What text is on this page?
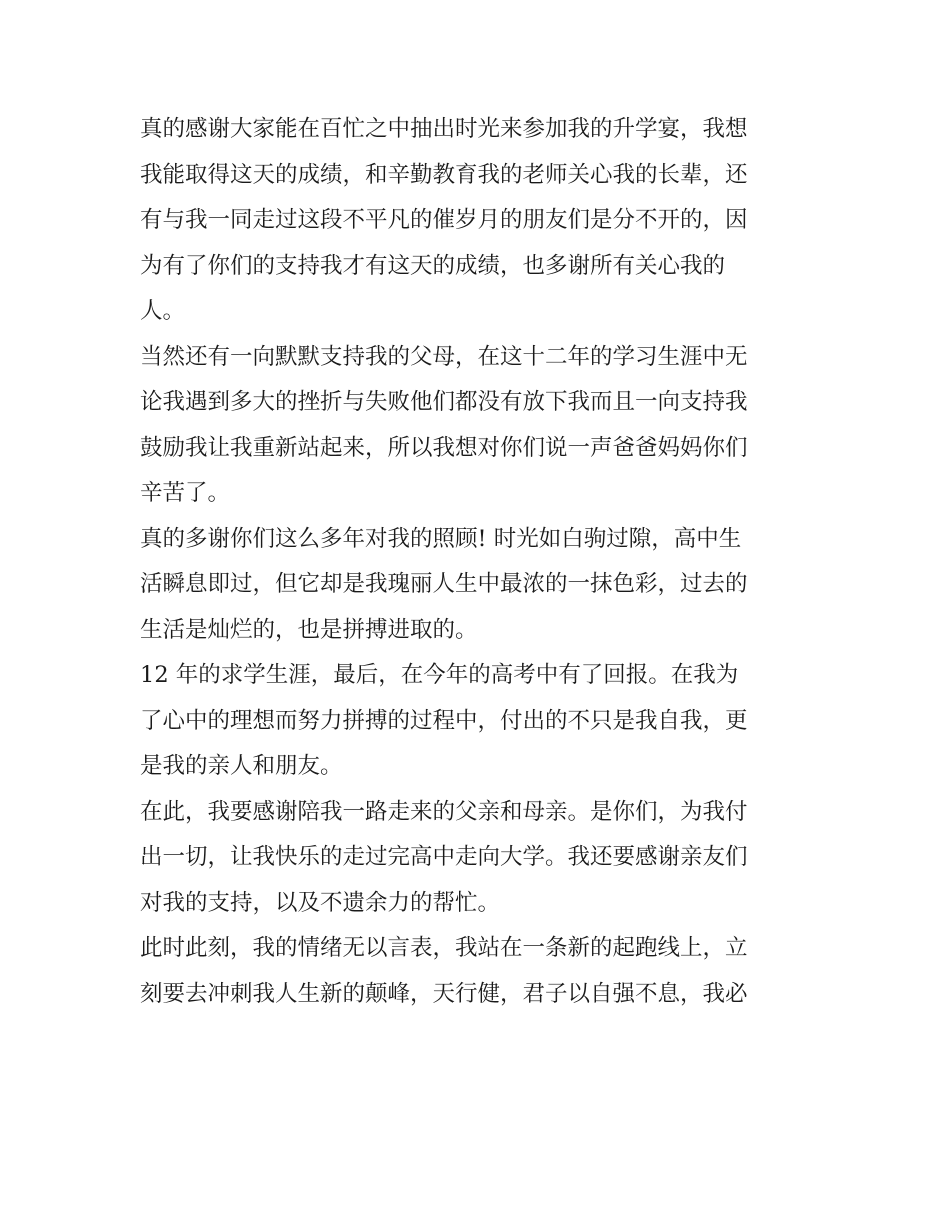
真的感谢大家能在百忙之中抽出时光来参加我的升学宴，我想
我能取得这天的成绩，和辛勤教育我的老师关心我的长辈，还
有与我一同走过这段不平凡的催岁月的朋友们是分不开的，因
为有了你们的支持我才有这天的成绩，也多谢所有关心我的
人。

当然还有一向默默支持我的父母，在这十二年的学习生涯中无
论我遇到多大的挫折与失败他们都没有放下我而且一向支持我
鼓励我让我重新站起来，所以我想对你们说一声爸爸妈妈你们
辛苦了。

真的多谢你们这么多年对我的照顾! 时光如白驹过隙，高中生
活瞬息即过，但它却是我瑰丽人生中最浓的一抹色彩，过去的
生活是灿烂的，也是拼搏进取的。

12 年的求学生涯，最后，在今年的高考中有了回报。在我为
了心中的理想而努力拼搏的过程中，付出的不只是我自我，更
是我的亲人和朋友。

在此，我要感谢陪我一路走来的父亲和母亲。是你们，为我付
出一切，让我快乐的走过完高中走向大学。我还要感谢亲友们
对我的支持，以及不遗余力的帮忙。

此时此刻，我的情绪无以言表，我站在一条新的起跑线上，立
刻要去冲刺我人生新的颠峰，天行健，君子以自强不息，我必
